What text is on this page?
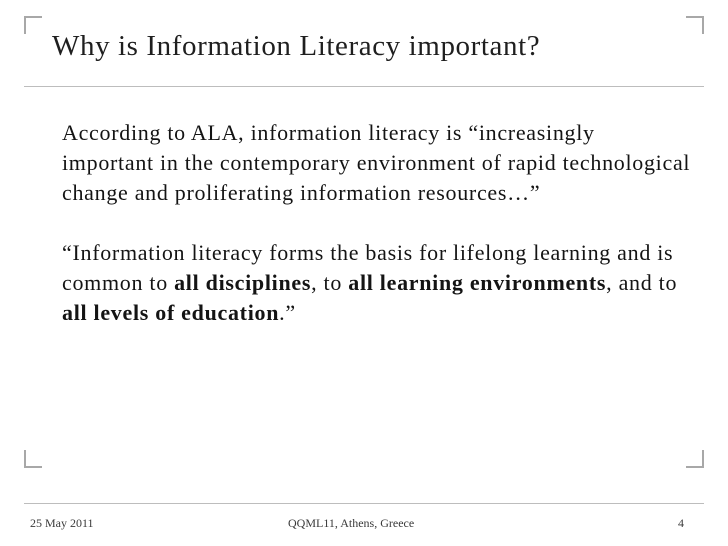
Why is Information Literacy important?

According to ALA, information literacy is “increasingly important in the contemporary environment of rapid technological change and proliferating information resources…”

“Information literacy forms the basis for lifelong learning and is common to all disciplines, to all learning environments, and to all levels of education.”

25 May 2011	QQML11, Athens, Greece	4
